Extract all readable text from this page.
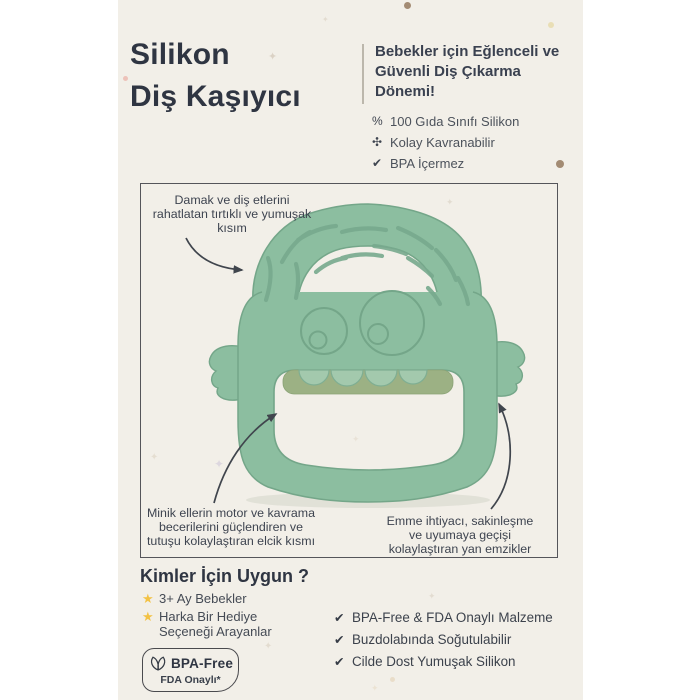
Silikon
Diş Kaşıyıcı
Bebekler için Eğlenceli ve Güvenli Diş Çıkarma Dönemi!
% 100 Gıda Sınıfı Silikon
✣ Kolay Kavranabilir
✔ BPA İçermez
Damak ve diş etlerini rahatlatan tırtıklı ve yumuşak kısım
Minik ellerin motor ve kavrama becerilerini güçlendiren ve tutuşu kolaylaştıran elcik kısmı
Emme ihtiyacı, sakinleşme ve uyumaya geçişi kolaylaştıran yan emzikler
Kimler İçin Uygun ?
★ 3+ Ay Bebekler
★ Harka Bir Hediye Seçeneği Arayanlar
BPA-Free
FDA Onaylı*
✔ BPA-Free & FDA Onaylı Malzeme
✔ Buzdolabında Soğutulabilir
✔ Cilde Dost Yumuşak Silikon
✦
✦
✦
✦	✦
✦
✦
✦
✦
